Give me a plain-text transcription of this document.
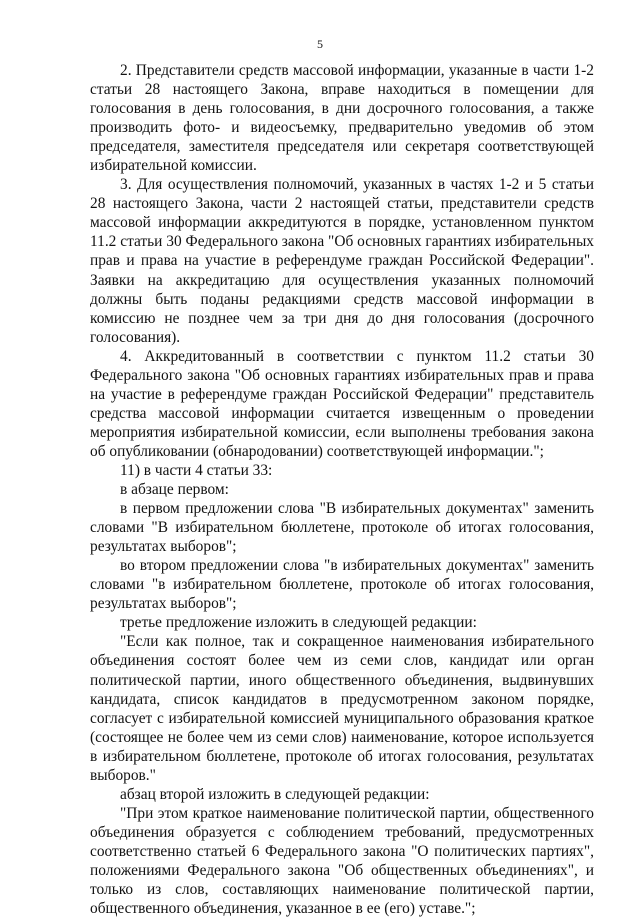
5

2. Представители средств массовой информации, указанные в части 1-2 статьи 28 настоящего Закона, вправе находиться в помещении для голосования в день голосования, в дни досрочного голосования, а также производить фото- и видеосъемку, предварительно уведомив об этом председателя, заместителя председателя или секретаря соответствующей избирательной комиссии.

3. Для осуществления полномочий, указанных в частях 1-2 и 5 статьи 28 настоящего Закона, части 2 настоящей статьи, представители средств массовой информации аккредитуются в порядке, установленном пунктом 11.2 статьи 30 Федерального закона "Об основных гарантиях избирательных прав и права на участие в референдуме граждан Российской Федерации". Заявки на аккредитацию для осуществления указанных полномочий должны быть поданы редакциями средств массовой информации в комиссию не позднее чем за три дня до дня голосования (досрочного голосования).

4. Аккредитованный в соответствии с пунктом 11.2 статьи 30 Федерального закона "Об основных гарантиях избирательных прав и права на участие в референдуме граждан Российской Федерации" представитель средства массовой информации считается извещенным о проведении мероприятия избирательной комиссии, если выполнены требования закона об опубликовании (обнародовании) соответствующей информации.";

11) в части 4 статьи 33:

в абзаце первом:

в первом предложении слова "В избирательных документах" заменить словами "В избирательном бюллетене, протоколе об итогах голосования, результатах выборов";

во втором предложении слова "в избирательных документах" заменить словами "в избирательном бюллетене, протоколе об итогах голосования, результатах выборов";

третье предложение изложить в следующей редакции:

"Если как полное, так и сокращенное наименования избирательного объединения состоят более чем из семи слов, кандидат или орган политической партии, иного общественного объединения, выдвинувших кандидата, список кандидатов в предусмотренном законом порядке, согласует с избирательной комиссией муниципального образования краткое (состоящее не более чем из семи слов) наименование, которое используется в избирательном бюллетене, протоколе об итогах голосования, результатах выборов."

абзац второй изложить в следующей редакции:

"При этом краткое наименование политической партии, общественного объединения образуется с соблюдением требований, предусмотренных соответственно статьей 6 Федерального закона "О политических партиях", положениями Федерального закона "Об общественных объединениях", и только из слов, составляющих наименование политической партии, общественного объединения, указанное в ее (его) уставе.";
